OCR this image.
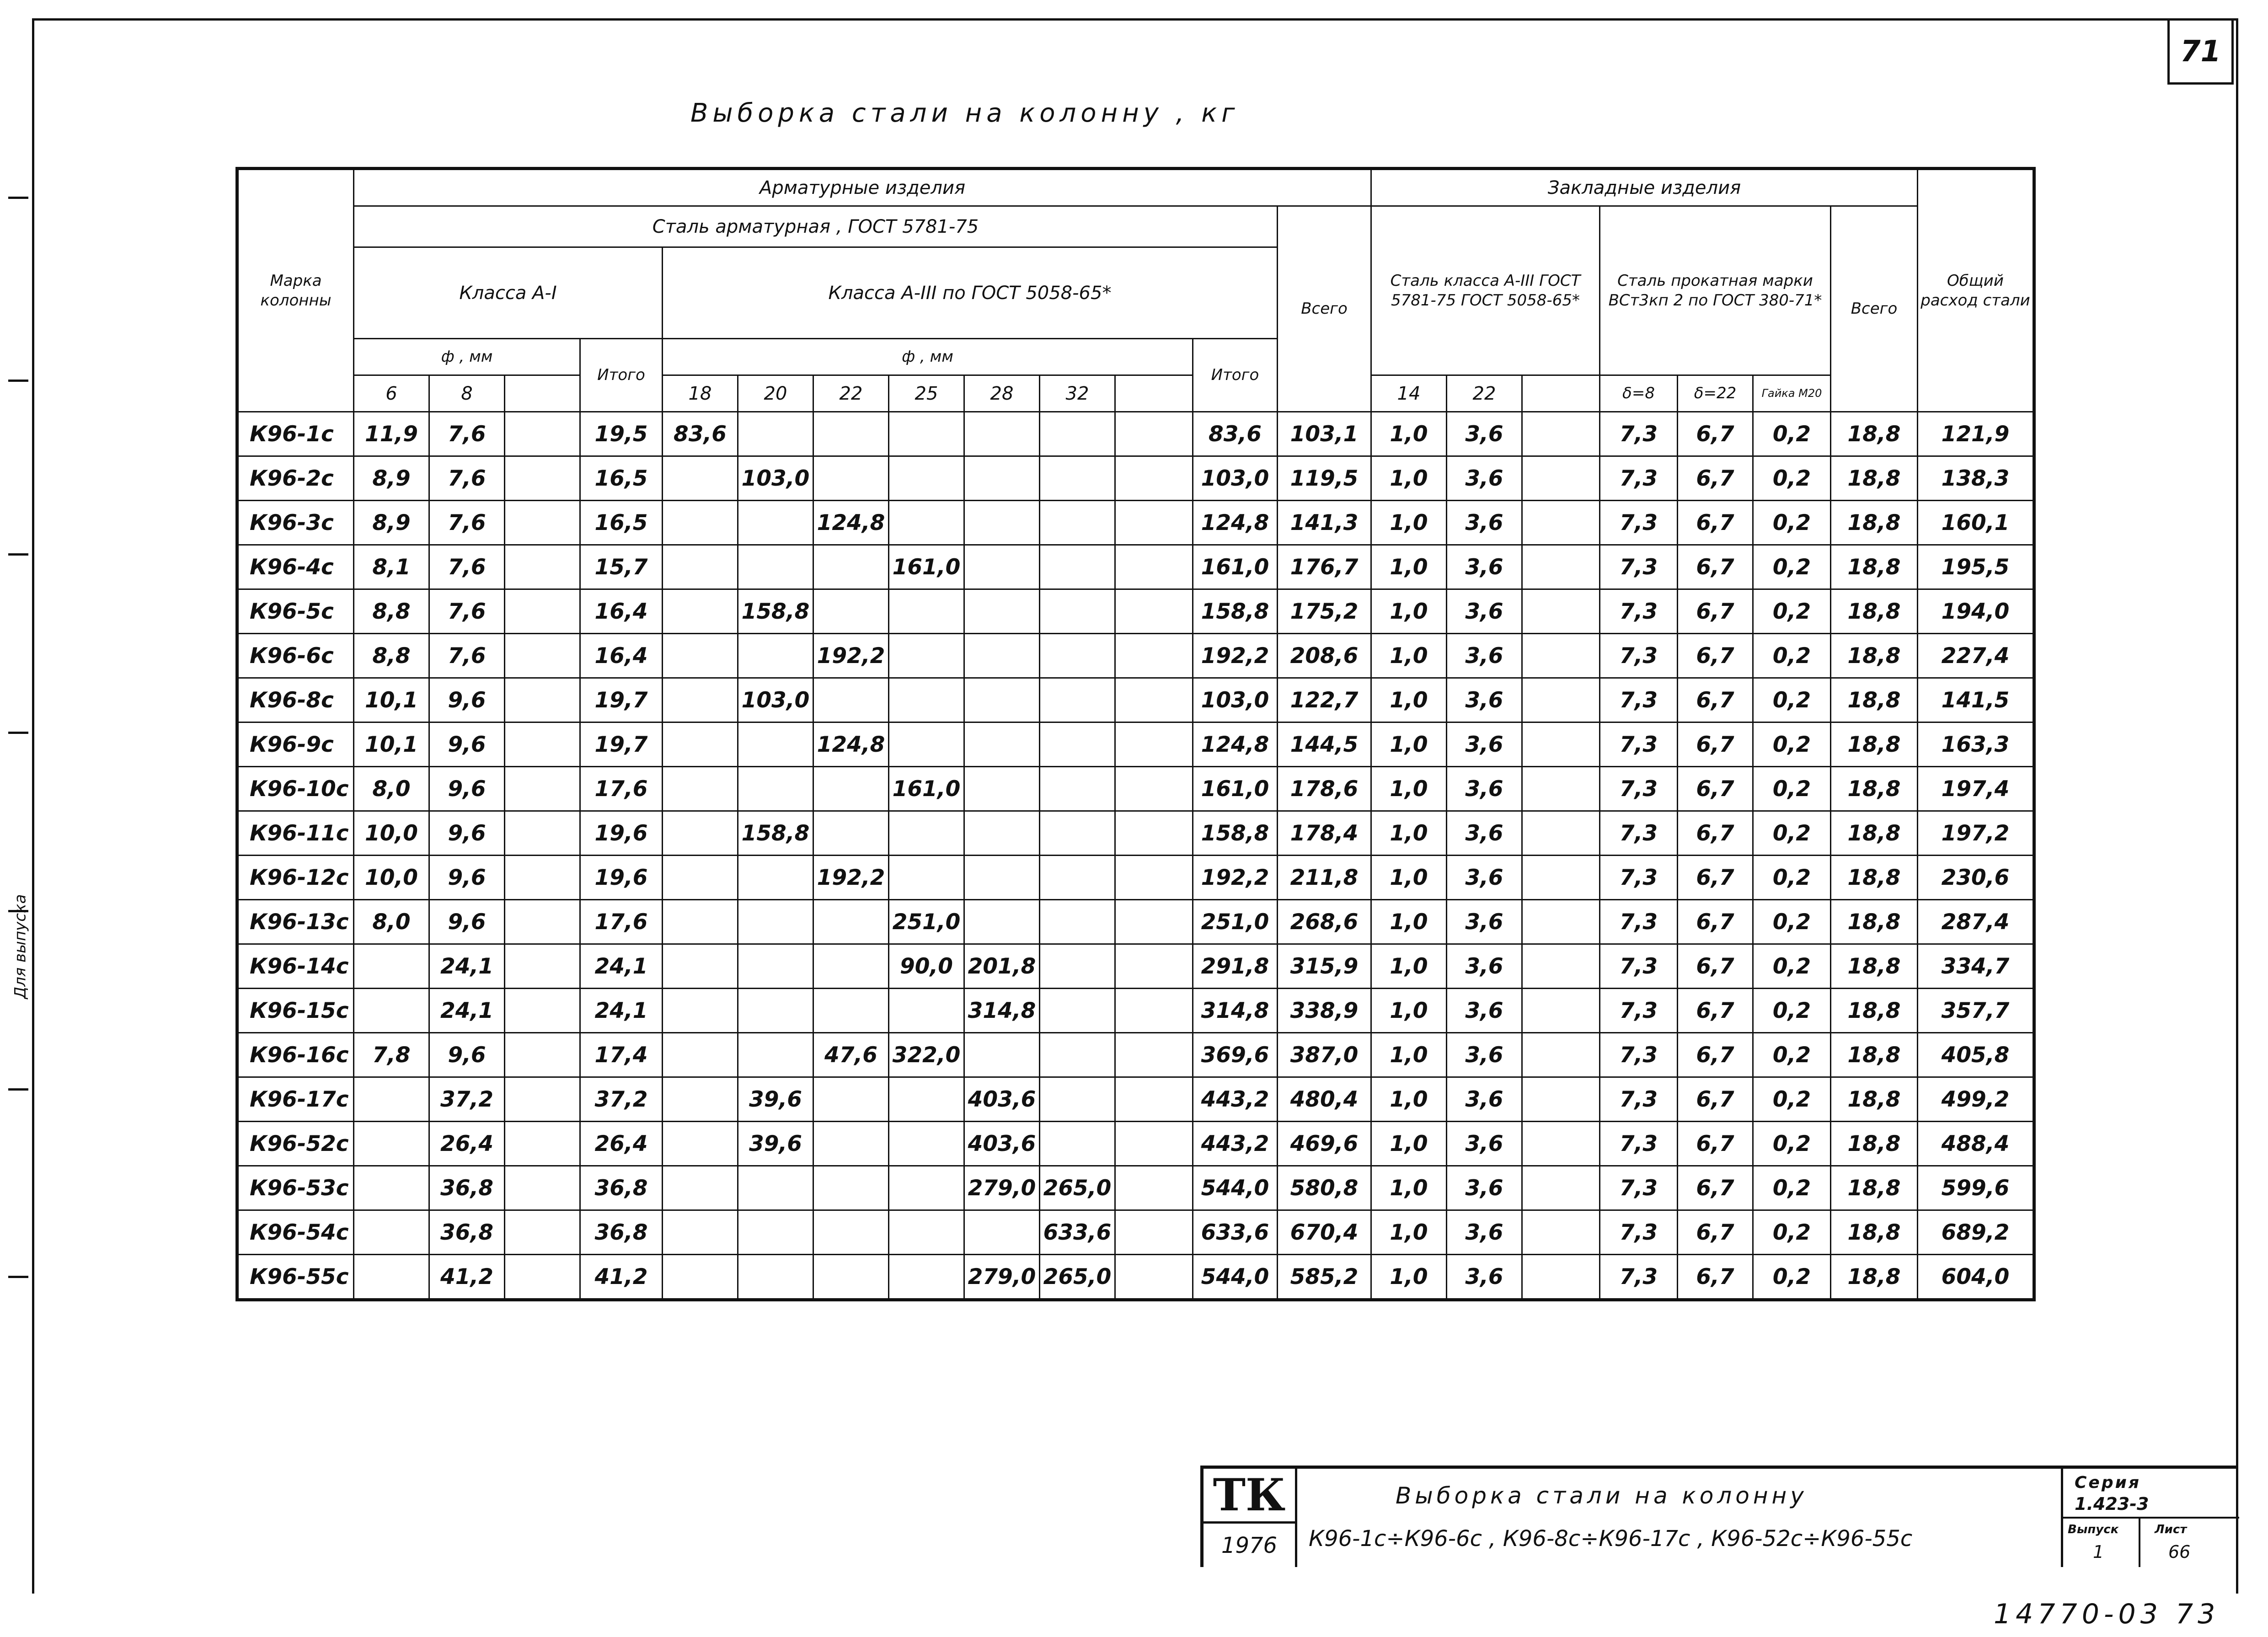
71
Для выпуска
Выборка стали на колонну , кг
Марка колонны	Арматурные изделия													Закладные изделия							Общий расход стали
	Сталь арматурная , ГОСТ 5781-75												Всего	Сталь класса А-III ГОСТ 5781-75 ГОСТ 5058-65*			Сталь прокатная марки ВСт3кп 2 по ГОСТ 380-71*			Всего	
	Класса А-I				Класса А-III по ГОСТ 5058-65*																
	ф , мм			Итого	ф , мм							Итого									
	6	8			18	20	22	25	28	32				14	22		δ=8	δ=22	Гайка М20		
К96-1с	11,9	7,6		19,5	83,6							83,6	103,1	1,0	3,6		7,3	6,7	0,2	18,8	121,9
К96-2с	8,9	7,6		16,5		103,0						103,0	119,5	1,0	3,6		7,3	6,7	0,2	18,8	138,3
К96-3с	8,9	7,6		16,5			124,8					124,8	141,3	1,0	3,6		7,3	6,7	0,2	18,8	160,1
К96-4с	8,1	7,6		15,7				161,0				161,0	176,7	1,0	3,6		7,3	6,7	0,2	18,8	195,5
К96-5с	8,8	7,6		16,4		158,8						158,8	175,2	1,0	3,6		7,3	6,7	0,2	18,8	194,0
К96-6с	8,8	7,6		16,4			192,2					192,2	208,6	1,0	3,6		7,3	6,7	0,2	18,8	227,4
К96-8с	10,1	9,6		19,7		103,0						103,0	122,7	1,0	3,6		7,3	6,7	0,2	18,8	141,5
К96-9с	10,1	9,6		19,7			124,8					124,8	144,5	1,0	3,6		7,3	6,7	0,2	18,8	163,3
К96-10с	8,0	9,6		17,6				161,0				161,0	178,6	1,0	3,6		7,3	6,7	0,2	18,8	197,4
К96-11с	10,0	9,6		19,6		158,8						158,8	178,4	1,0	3,6		7,3	6,7	0,2	18,8	197,2
К96-12с	10,0	9,6		19,6			192,2					192,2	211,8	1,0	3,6		7,3	6,7	0,2	18,8	230,6
К96-13с	8,0	9,6		17,6				251,0				251,0	268,6	1,0	3,6		7,3	6,7	0,2	18,8	287,4
К96-14с		24,1		24,1				90,0	201,8			291,8	315,9	1,0	3,6		7,3	6,7	0,2	18,8	334,7
К96-15с		24,1		24,1					314,8			314,8	338,9	1,0	3,6		7,3	6,7	0,2	18,8	357,7
К96-16с	7,8	9,6		17,4			47,6	322,0				369,6	387,0	1,0	3,6		7,3	6,7	0,2	18,8	405,8
К96-17с		37,2		37,2		39,6			403,6			443,2	480,4	1,0	3,6		7,3	6,7	0,2	18,8	499,2
К96-52с		26,4		26,4		39,6			403,6			443,2	469,6	1,0	3,6		7,3	6,7	0,2	18,8	488,4
К96-53с		36,8		36,8					279,0	265,0		544,0	580,8	1,0	3,6		7,3	6,7	0,2	18,8	599,6
К96-54с		36,8		36,8						633,6		633,6	670,4	1,0	3,6		7,3	6,7	0,2	18,8	689,2
К96-55с		41,2		41,2					279,0	265,0		544,0	585,2	1,0	3,6		7,3	6,7	0,2	18,8	604,0
ТК
1976
Выборка стали на колонну
К96-1с÷К96-6с , К96-8с÷К96-17с , К96-52с÷К96-55с
Серия
1.423-3
Выпуск
1
Лист
66
14770-03 73
